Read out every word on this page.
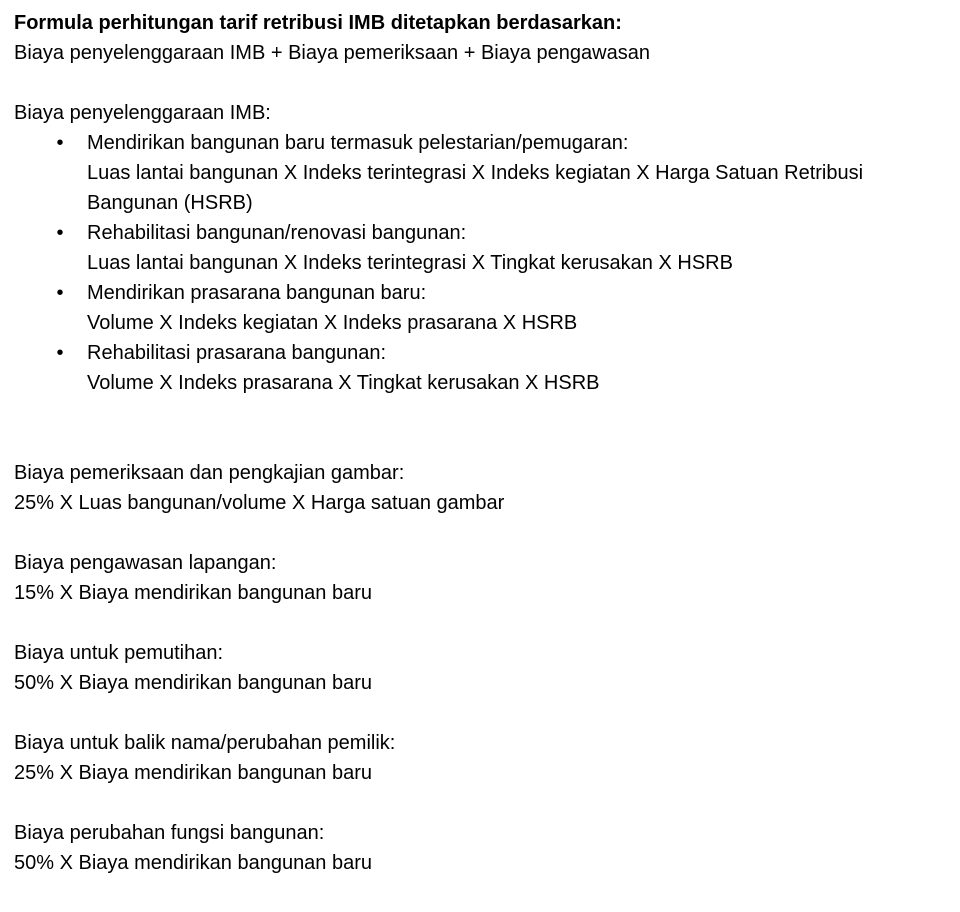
Formula perhitungan tarif retribusi IMB ditetapkan berdasarkan:
Biaya penyelenggaraan IMB + Biaya pemeriksaan + Biaya pengawasan
Biaya penyelenggaraan IMB:
• Mendirikan bangunan baru termasuk pelestarian/pemugaran:
Luas lantai bangunan X Indeks terintegrasi X Indeks kegiatan X Harga Satuan Retribusi Bangunan (HSRB)
• Rehabilitasi bangunan/renovasi bangunan:
Luas lantai bangunan X Indeks terintegrasi X Tingkat kerusakan X HSRB
• Mendirikan prasarana bangunan baru:
Volume X Indeks kegiatan X Indeks prasarana X HSRB
• Rehabilitasi prasarana bangunan:
Volume X Indeks prasarana X Tingkat kerusakan X HSRB
Biaya pemeriksaan dan pengkajian gambar:
25% X Luas bangunan/volume X Harga satuan gambar
Biaya pengawasan lapangan:
15% X Biaya mendirikan bangunan baru
Biaya untuk pemutihan:
50% X Biaya mendirikan bangunan baru
Biaya untuk balik nama/perubahan pemilik:
25% X Biaya mendirikan bangunan baru
Biaya perubahan fungsi bangunan:
50% X Biaya mendirikan bangunan baru
